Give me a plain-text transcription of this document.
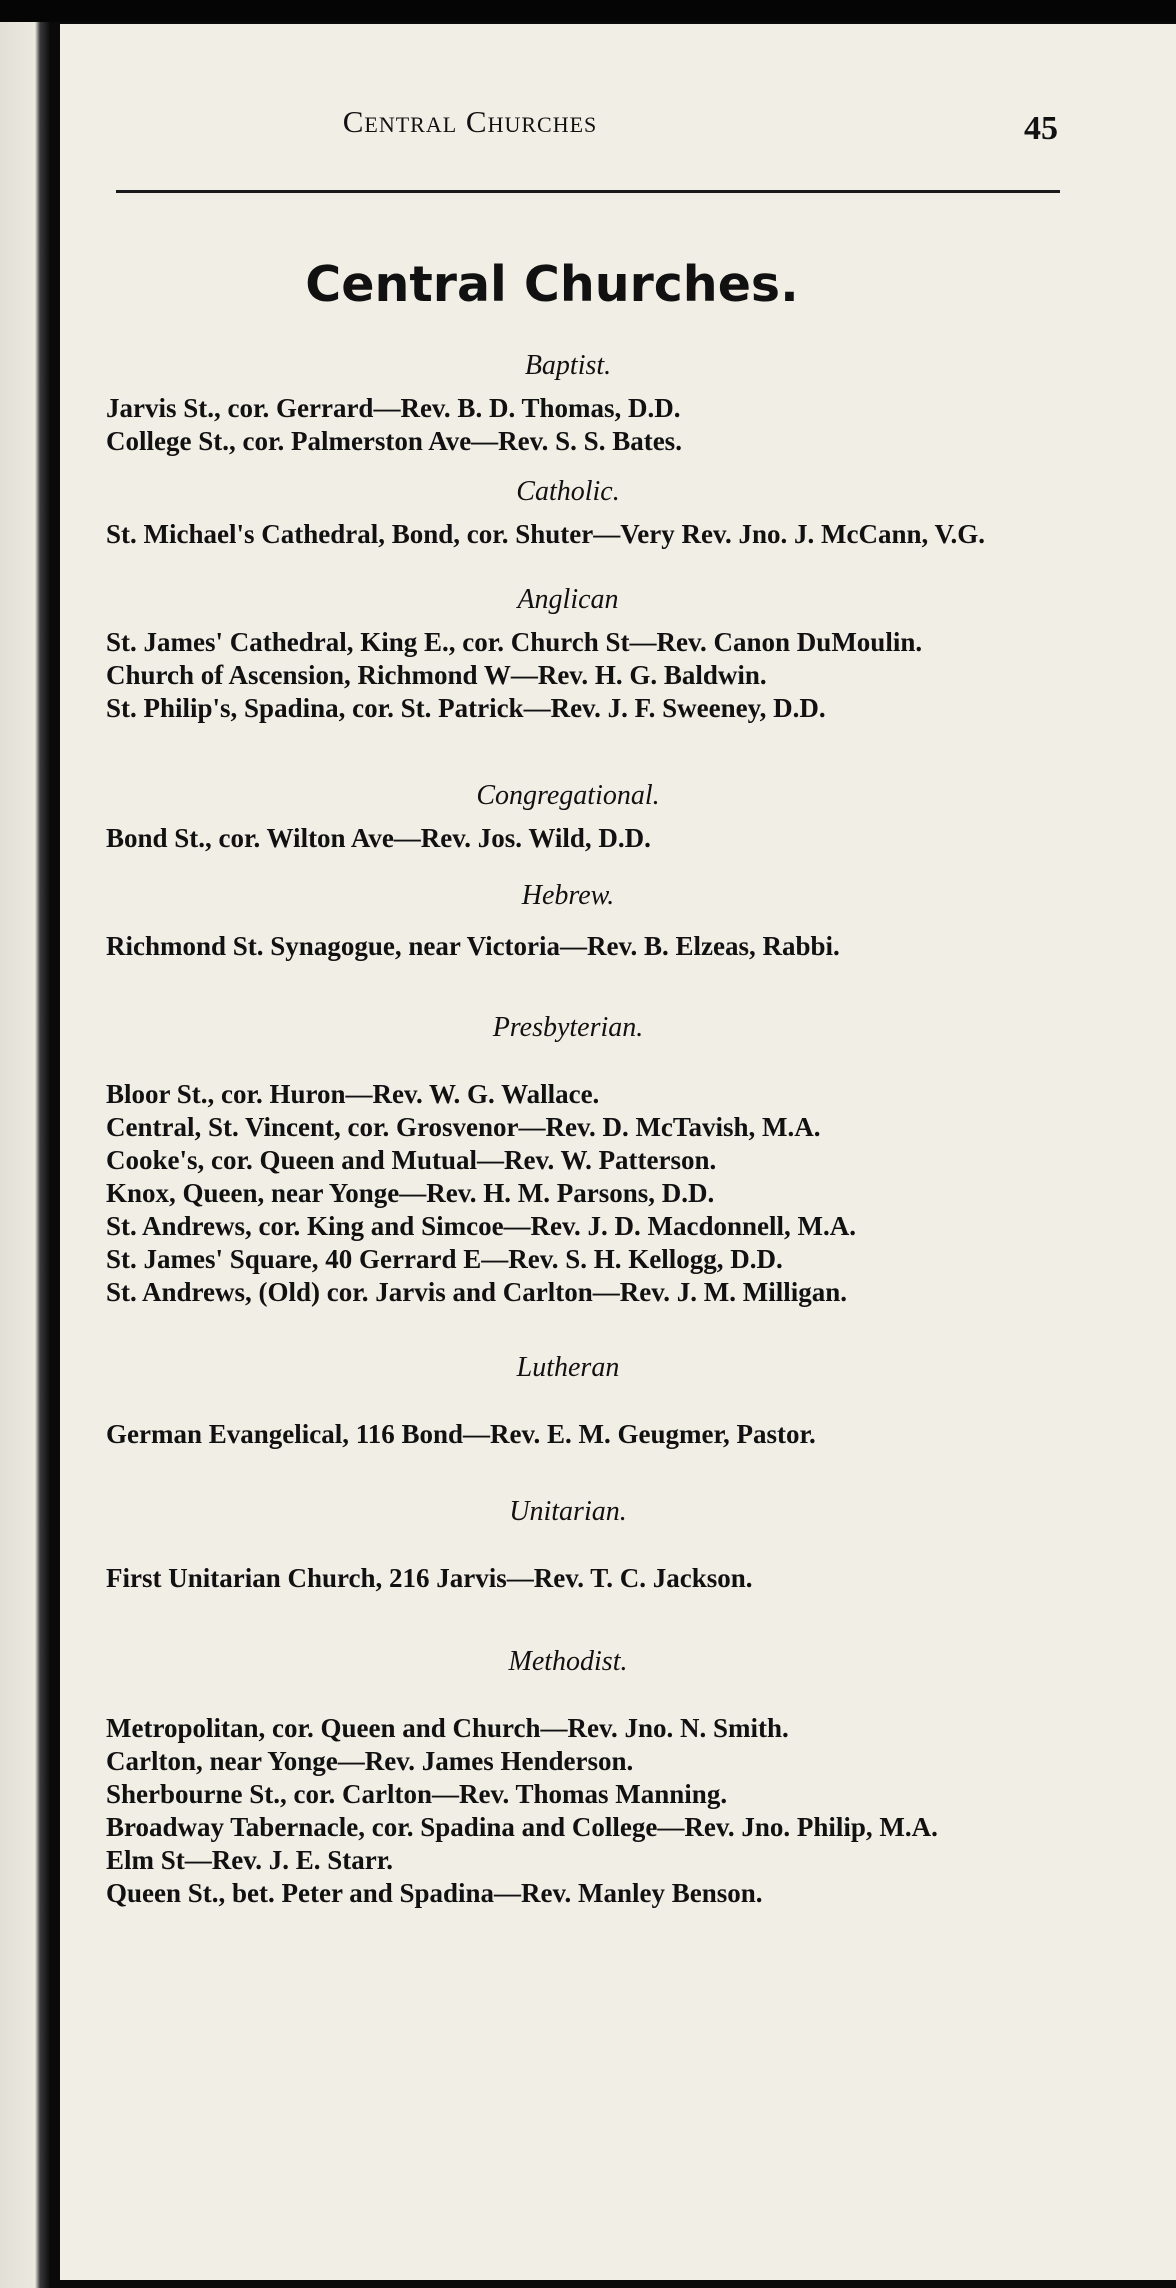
Central Churches	45
Central Churches.
Baptist.
Jarvis St., cor. Gerrard—Rev. B. D. Thomas, D.D.
College St., cor. Palmerston Ave—Rev. S. S. Bates.
Catholic.
St. Michael's Cathedral, Bond, cor. Shuter—Very Rev. Jno. J. McCann, V.G.
Anglican
St. James' Cathedral, King E., cor. Church St—Rev. Canon DuMoulin.
Church of Ascension, Richmond W—Rev. H. G. Baldwin.
St. Philip's, Spadina, cor. St. Patrick—Rev. J. F. Sweeney, D.D.
Congregational.
Bond St., cor. Wilton Ave—Rev. Jos. Wild, D.D.
Hebrew.
Richmond St. Synagogue, near Victoria—Rev. B. Elzeas, Rabbi.
Presbyterian.
Bloor St., cor. Huron—Rev. W. G. Wallace.
Central, St. Vincent, cor. Grosvenor—Rev. D. McTavish, M.A.
Cooke's, cor. Queen and Mutual—Rev. W. Patterson.
Knox, Queen, near Yonge—Rev. H. M. Parsons, D.D.
St. Andrews, cor. King and Simcoe—Rev. J. D. Macdonnell, M.A.
St. James' Square, 40 Gerrard E—Rev. S. H. Kellogg, D.D.
St. Andrews, (Old) cor. Jarvis and Carlton—Rev. J. M. Milligan.
Lutheran
German Evangelical, 116 Bond—Rev. E. M. Geugmer, Pastor.
Unitarian.
First Unitarian Church, 216 Jarvis—Rev. T. C. Jackson.
Methodist.
Metropolitan, cor. Queen and Church—Rev. Jno. N. Smith.
Carlton, near Yonge—Rev. James Henderson.
Sherbourne St., cor. Carlton—Rev. Thomas Manning.
Broadway Tabernacle, cor. Spadina and College—Rev. Jno. Philip, M.A.
Elm St—Rev. J. E. Starr.
Queen St., bet. Peter and Spadina—Rev. Manley Benson.
